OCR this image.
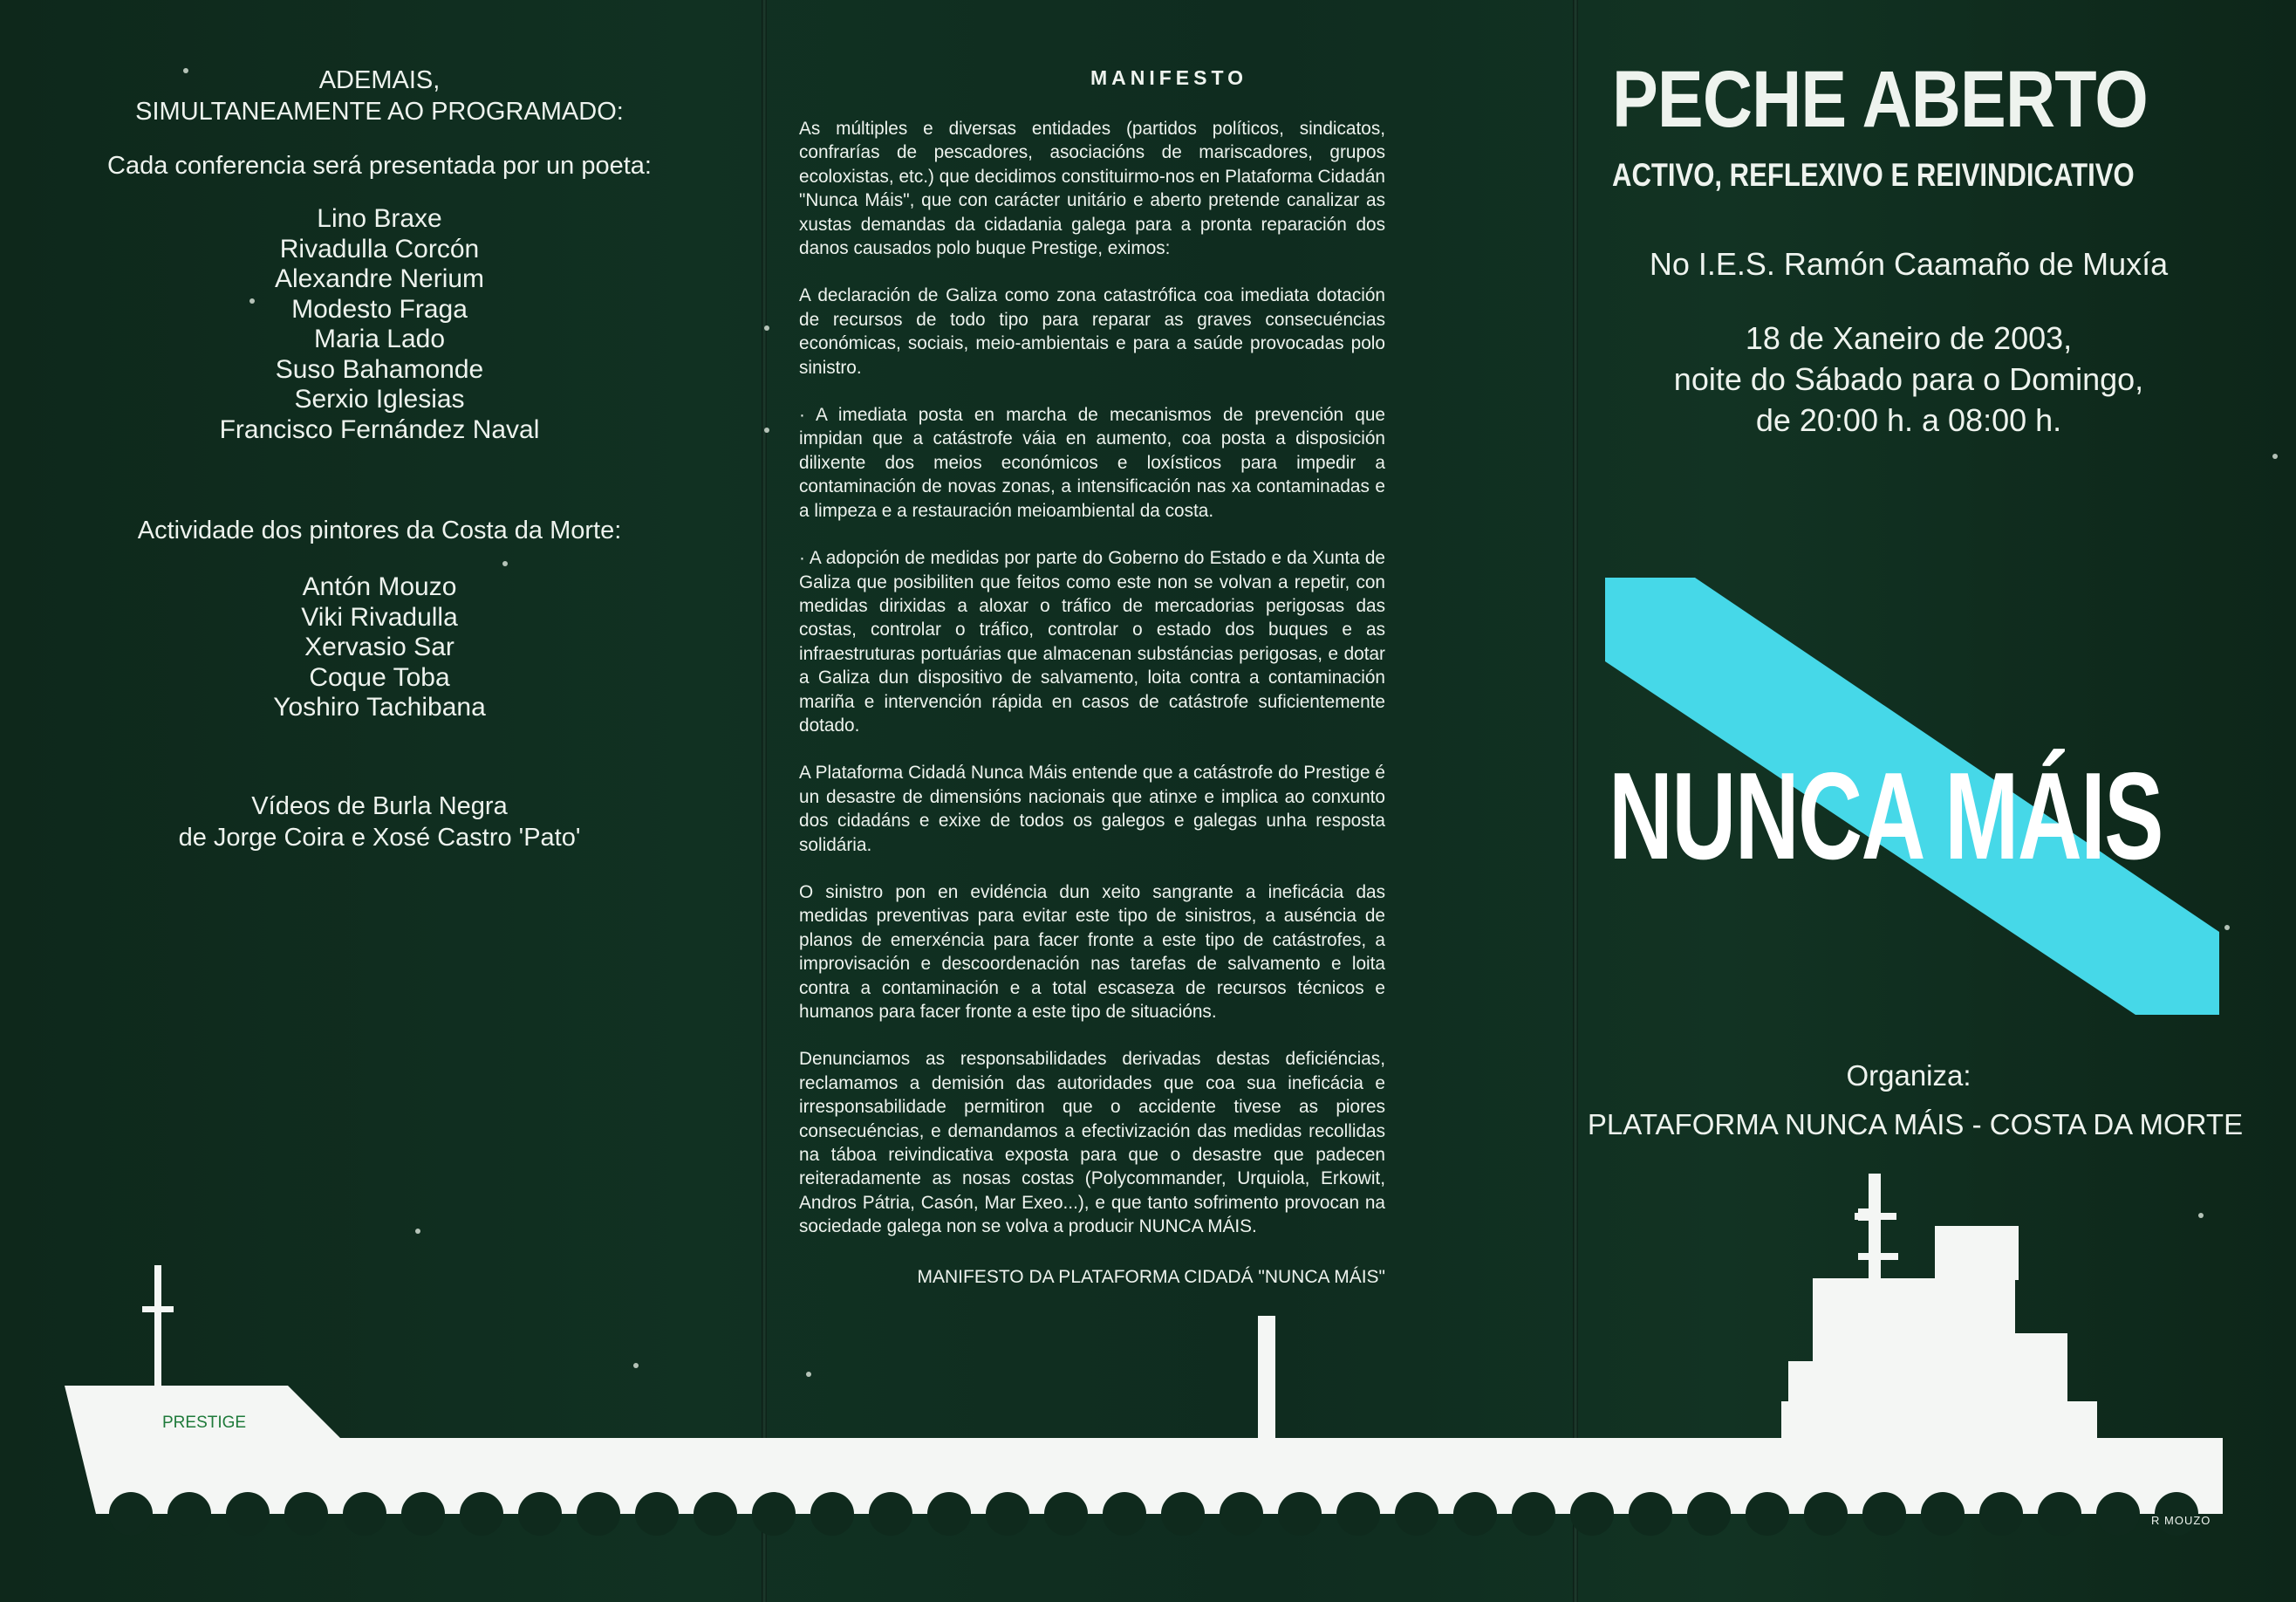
ADEMAIS,
SIMULTANEAMENTE AO PROGRAMADO:
Cada conferencia será presentada por un poeta:
Lino Braxe
Rivadulla Corcón
Alexandre Nerium
Modesto Fraga
Maria Lado
Suso Bahamonde
Serxio Iglesias
Francisco Fernández Naval
Actividade dos pintores da Costa da Morte:
Antón Mouzo
Viki Rivadulla
Xervasio Sar
Coque Toba
Yoshiro Tachibana
Vídeos de Burla Negra
de Jorge Coira e Xosé Castro 'Pato'
MANIFESTO

As múltiples e diversas entidades (partidos políticos, sindicatos, confrarías de pescadores, asociacións de mariscadores, grupos ecoloxistas, etc.) que decidimos constituirmo-nos en Plataforma Cidadán "Nunca Máis", que con carácter unitário e aberto pretende canalizar as xustas demandas da cidadania galega para a pronta reparación dos danos causados polo buque Prestige, eximos:

A declaración de Galiza como zona catastrófica coa imediata dotación de recursos de todo tipo para reparar as graves consecuéncias económicas, sociais, meio-ambientais e para a saúde provocadas polo sinistro.

· A imediata posta en marcha de mecanismos de prevención que impidan que a catástrofe váia en aumento, coa posta a disposición dilixente dos meios económicos e loxísticos para impedir a contaminación de novas zonas, a intensificación nas xa contaminadas e a limpeza e a restauración meioambiental da costa.

· A adopción de medidas por parte do Goberno do Estado e da Xunta de Galiza que posibiliten que feitos como este non se volvan a repetir, con medidas dirixidas a aloxar o tráfico de mercadorias perigosas das costas, controlar o tráfico, controlar o estado dos buques e as infraestruturas portuárias que almacenan substáncias perigosas, e dotar a Galiza dun dispositivo de salvamento, loita contra a contaminación mariña e intervención rápida en casos de catástrofe suficientemente dotado.

A Plataforma Cidadá Nunca Máis entende que a catástrofe do Prestige é un desastre de dimensións nacionais que atinxe e implica ao conxunto dos cidadáns e exixe de todos os galegos e galegas unha resposta solidária.

O sinistro pon en evidéncia dun xeito sangrante a ineficácia das medidas preventivas para evitar este tipo de sinistros, a auséncia de planos de emerxéncia para facer fronte a este tipo de catástrofes, a improvisación e descoordenación nas tarefas de salvamento e loita contra a contaminación e a total escaseza de recursos técnicos e humanos para facer fronte a este tipo de situacións.

Denunciamos as responsabilidades derivadas destas deficiéncias, reclamamos a demisión das autoridades que coa sua ineficácia e irresponsabilidade permitiron que o accidente tivese as piores consecuéncias, e demandamos a efectivización das medidas recollidas na táboa reivindicativa exposta para que o desastre que padecen reiteradamente as nosas costas (Polycommander, Urquiola, Erkowit, Andros Pátria, Casón, Mar Exeo...), e que tanto sofrimento provocan na sociedade galega non se volva a producir NUNCA MÁIS.

MANIFESTO DA PLATAFORMA CIDADÁ "NUNCA MÁIS"
PECHE ABERTO
ACTIVO, REFLEXIVO E REIVINDICATIVO
No I.E.S. Ramón Caamaño de Muxía
18 de Xaneiro de 2003,
noite do Sábado para o Domingo,
de 20:00 h. a 08:00 h.
NUNCA MÁIS
Organiza:
PLATAFORMA NUNCA MÁIS - COSTA DA MORTE
PRESTIGE
R MOUZO
